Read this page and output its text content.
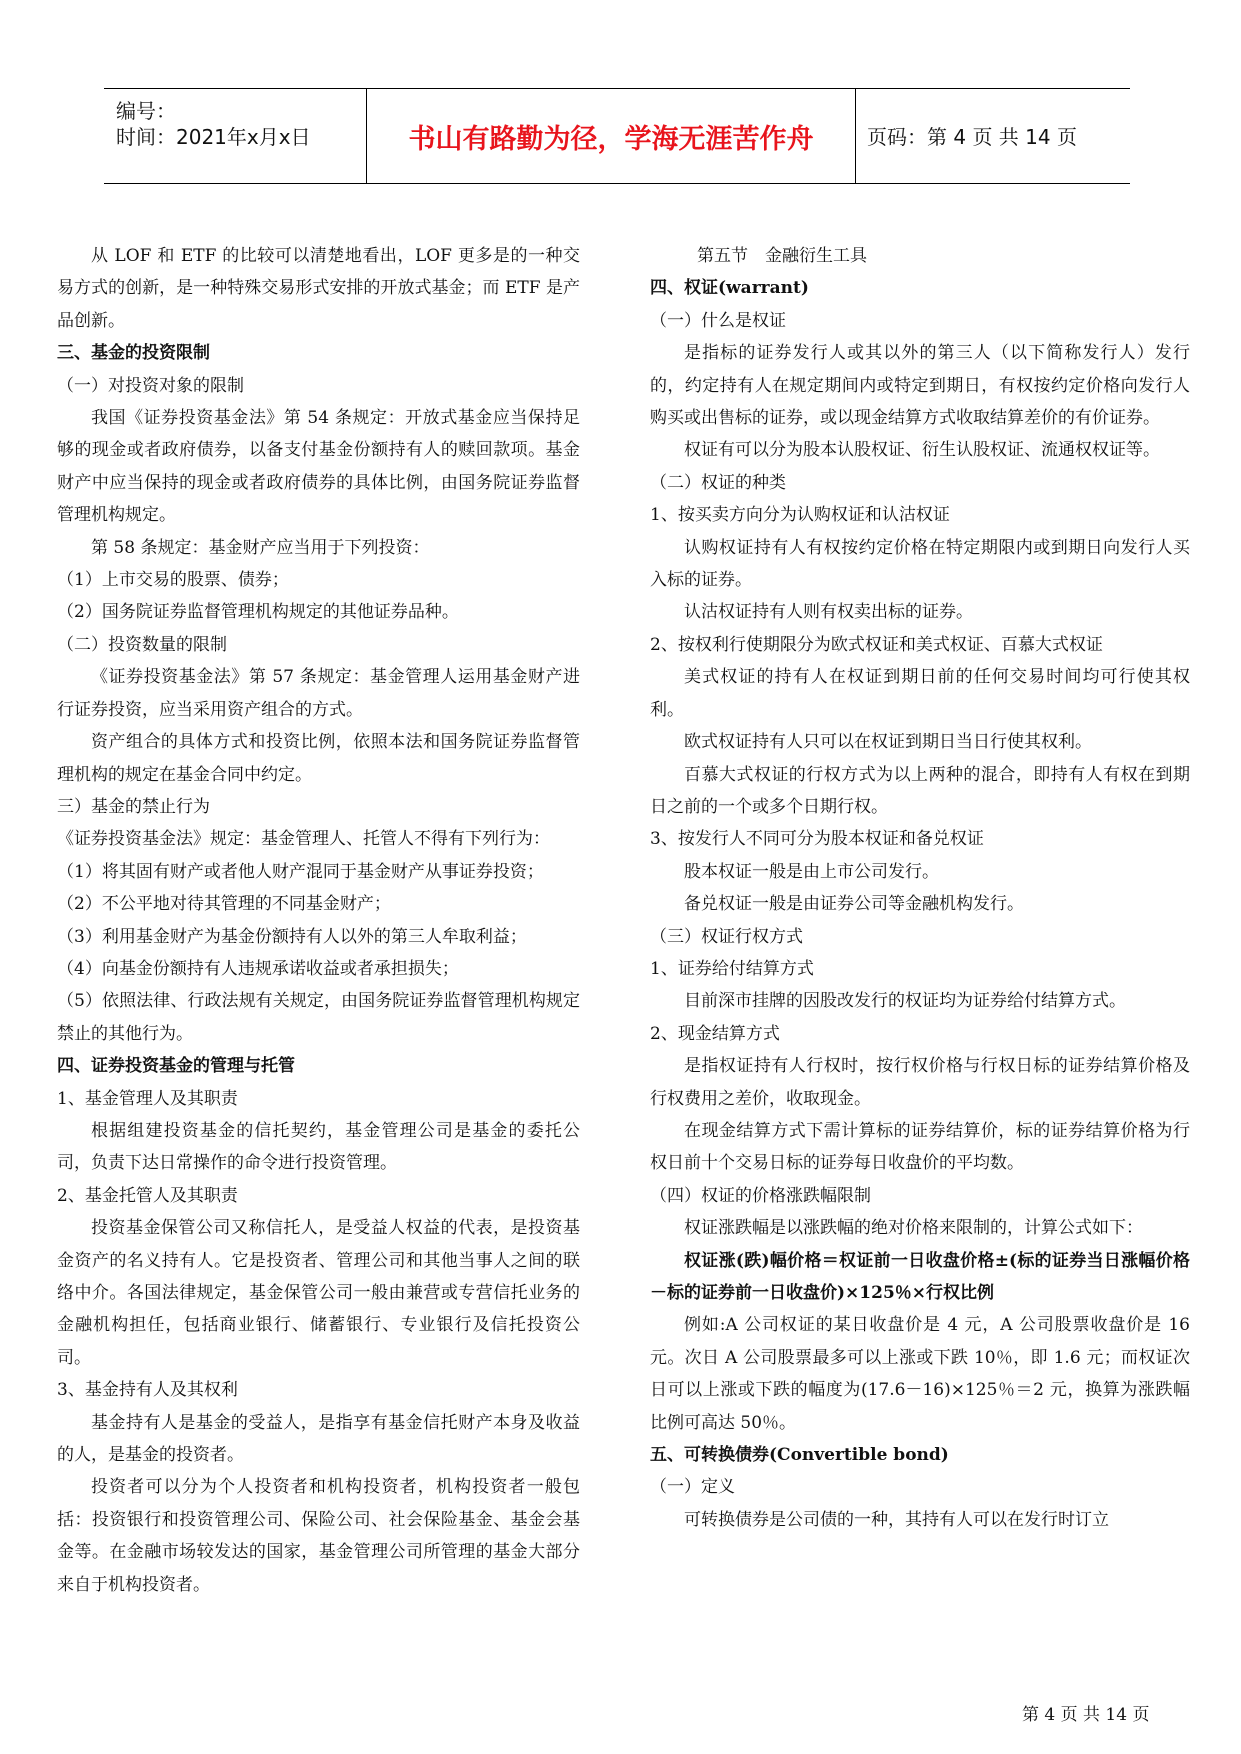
编号：
时间：2021年x月x日	书山有路勤为径，学海无涯苦作舟	页码：第 4 页 共 14 页

从 LOF 和 ETF 的比较可以清楚地看出，LOF 更多是的一种交易方式的创新，是一种特殊交易形式安排的开放式基金；而 ETF 是产品创新。

三、基金的投资限制

（一）对投资对象的限制

我国《证券投资基金法》第 54 条规定：开放式基金应当保持足够的现金或者政府债券，以备支付基金份额持有人的赎回款项。基金财产中应当保持的现金或者政府债券的具体比例，由国务院证券监督管理机构规定。

第 58 条规定：基金财产应当用于下列投资：

（1）上市交易的股票、债券；

（2）国务院证券监督管理机构规定的其他证券品种。

（二）投资数量的限制

《证券投资基金法》第 57 条规定：基金管理人运用基金财产进行证券投资，应当采用资产组合的方式。

资产组合的具体方式和投资比例，依照本法和国务院证券监督管理机构的规定在基金合同中约定。

三）基金的禁止行为

《证券投资基金法》规定：基金管理人、托管人不得有下列行为：

（1）将其固有财产或者他人财产混同于基金财产从事证券投资；

（2）不公平地对待其管理的不同基金财产；

（3）利用基金财产为基金份额持有人以外的第三人牟取利益；

（4）向基金份额持有人违规承诺收益或者承担损失；

（5）依照法律、行政法规有关规定，由国务院证券监督管理机构规定禁止的其他行为。

四、证券投资基金的管理与托管

1、基金管理人及其职责

根据组建投资基金的信托契约，基金管理公司是基金的委托公司，负责下达日常操作的命令进行投资管理。

2、基金托管人及其职责

投资基金保管公司又称信托人，是受益人权益的代表，是投资基金资产的名义持有人。它是投资者、管理公司和其他当事人之间的联络中介。各国法律规定，基金保管公司一般由兼营或专营信托业务的金融机构担任，包括商业银行、储蓄银行、专业银行及信托投资公司。

3、基金持有人及其权利

基金持有人是基金的受益人，是指享有基金信托财产本身及收益的人，是基金的投资者。

投资者可以分为个人投资者和机构投资者，机构投资者一般包括：投资银行和投资管理公司、保险公司、社会保险基金、基金会基金等。在金融市场较发达的国家，基金管理公司所管理的基金大部分来自于机构投资者。

第五节　金融衍生工具

四、权证(warrant)

（一）什么是权证

是指标的证券发行人或其以外的第三人（以下简称发行人）发行的，约定持有人在规定期间内或特定到期日，有权按约定价格向发行人购买或出售标的证券，或以现金结算方式收取结算差价的有价证券。

权证有可以分为股本认股权证、衍生认股权证、流通权权证等。

（二）权证的种类

1、按买卖方向分为认购权证和认沽权证

认购权证持有人有权按约定价格在特定期限内或到期日向发行人买入标的证券。

认沽权证持有人则有权卖出标的证券。

2、按权利行使期限分为欧式权证和美式权证、百慕大式权证

美式权证的持有人在权证到期日前的任何交易时间均可行使其权利。

欧式权证持有人只可以在权证到期日当日行使其权利。

百慕大式权证的行权方式为以上两种的混合，即持有人有权在到期日之前的一个或多个日期行权。

3、按发行人不同可分为股本权证和备兑权证

股本权证一般是由上市公司发行。

备兑权证一般是由证券公司等金融机构发行。

（三）权证行权方式

1、证券给付结算方式

目前深市挂牌的因股改发行的权证均为证券给付结算方式。

2、现金结算方式

是指权证持有人行权时，按行权价格与行权日标的证券结算价格及行权费用之差价，收取现金。

在现金结算方式下需计算标的证券结算价，标的证券结算价格为行权日前十个交易日标的证券每日收盘价的平均数。

（四）权证的价格涨跌幅限制

权证涨跌幅是以涨跌幅的绝对价格来限制的，计算公式如下：

权证涨(跌)幅价格＝权证前一日收盘价格±(标的证券当日涨幅价格－标的证券前一日收盘价)×125％×行权比例

例如:A 公司权证的某日收盘价是 4 元，A 公司股票收盘价是 16 元。次日 A 公司股票最多可以上涨或下跌 10％，即 1.6 元；而权证次日可以上涨或下跌的幅度为(17.6－16)×125％＝2 元，换算为涨跌幅比例可高达 50％。

五、可转换债券(Convertible bond)

（一）定义

可转换债券是公司债的一种，其持有人可以在发行时订立

第 4 页 共 14 页
